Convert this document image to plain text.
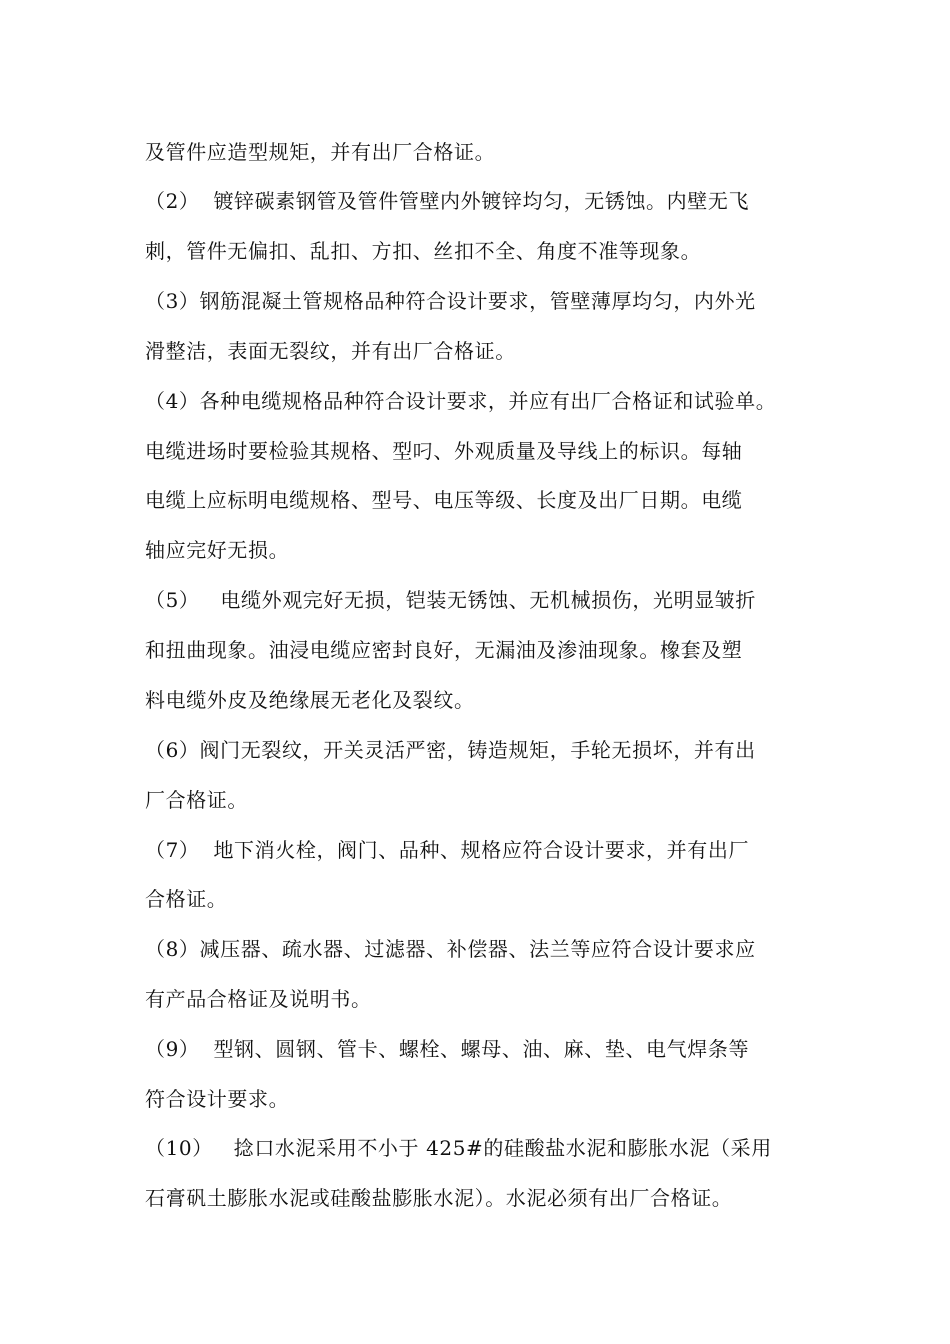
及管件应造型规矩，并有出厂合格证。
（2）  镀锌碳素钢管及管件管壁内外镀锌均匀，无锈蚀。内壁无飞
刺，管件无偏扣、乱扣、方扣、丝扣不全、角度不准等现象。
（3）钢筋混凝土管规格品种符合设计要求，管壁薄厚均匀，内外光
滑整洁，表面无裂纹，并有出厂合格证。
（4）各种电缆规格品种符合设计要求，并应有出厂合格证和试验单。
电缆进场时要检验其规格、型叼、外观质量及导线上的标识。每轴
电缆上应标明电缆规格、型号、电压等级、长度及出厂日期。电缆
轴应完好无损。
（5）   电缆外观完好无损，铠装无锈蚀、无机械损伤，光明显皱折
和扭曲现象。油浸电缆应密封良好，无漏油及渗油现象。橡套及塑
料电缆外皮及绝缘展无老化及裂纹。
（6）阀门无裂纹，开关灵活严密，铸造规矩，手轮无损坏，并有出
厂合格证。
（7）  地下消火栓，阀门、品种、规格应符合设计要求，并有出厂
合格证。
（8）减压器、疏水器、过滤器、补偿器、法兰等应符合设计要求应
有产品合格证及说明书。
（9）  型钢、圆钢、管卡、螺栓、螺母、油、麻、垫、电气焊条等
符合设计要求。
（10）   捻口水泥采用不小于 425#的硅酸盐水泥和膨胀水泥（采用
石膏矾土膨胀水泥或硅酸盐膨胀水泥）。水泥必须有出厂合格证。
